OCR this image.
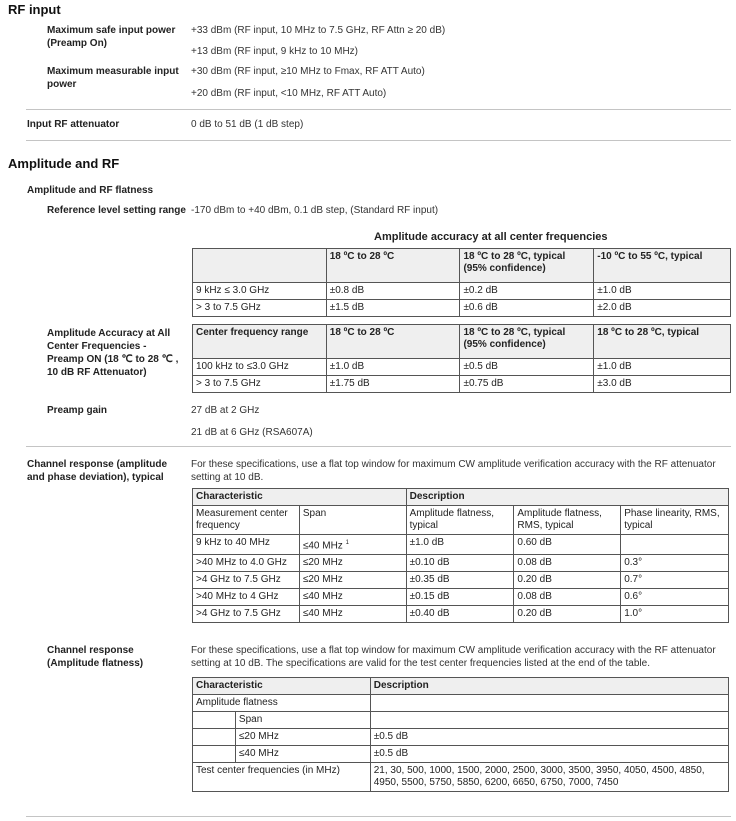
RF input
Maximum safe input power (Preamp On)
+33 dBm (RF input, 10 MHz to 7.5 GHz, RF Attn ≥ 20 dB)
+13 dBm (RF input, 9 kHz to 10 MHz)
Maximum measurable input power
+30 dBm (RF input, ≥10 MHz to Fmax, RF ATT Auto)
+20 dBm (RF input, <10 MHz, RF ATT Auto)
Input RF attenuator	0 dB to 51 dB (1 dB step)
Amplitude and RF
Amplitude and RF flatness
Reference level setting range -170 dBm to +40 dBm, 0.1 dB step, (Standard RF input)
Amplitude accuracy at all center frequencies
	18 ºC to 28 ºC	18 ºC to 28 ºC, typical (95% confidence)	-10 ºC to 55 ºC, typical
9 kHz ≤ 3.0 GHz	±0.8 dB	±0.2 dB	±1.0 dB
> 3 to 7.5 GHz	±1.5 dB	±0.6 dB	±2.0 dB
Amplitude Accuracy at All Center Frequencies - Preamp ON (18 ℃ to 28 ℃ , 10 dB RF Attenuator)
Center frequency range	18 ºC to 28 ºC	18 ºC to 28 ºC, typical (95% confidence)	18 ºC to 28 ºC, typical
100 kHz to ≤3.0 GHz	±1.0 dB	±0.5 dB	±1.0 dB
> 3 to 7.5 GHz	±1.75 dB	±0.75 dB	±3.0 dB
Preamp gain	27 dB at 2 GHz
21 dB at 6 GHz (RSA607A)
Channel response (amplitude and phase deviation), typical
For these specifications, use a flat top window for maximum CW amplitude verification accuracy with the RF attenuator setting at 10 dB.
Characteristic		Description		
Measurement center frequency	Span	Amplitude flatness, typical	Amplitude flatness, RMS, typical	Phase linearity, RMS, typical
9 kHz to 40 MHz	≤40 MHz $^1$	±1.0 dB	0.60 dB	
>40 MHz to 4.0 GHz	≤20 MHz	±0.10 dB	0.08 dB	0.3°
>4 GHz to 7.5 GHz	≤20 MHz	±0.35 dB	0.20 dB	0.7°
>40 MHz to 4 GHz	≤40 MHz	±0.15 dB	0.08 dB	0.6°
>4 GHz to 7.5 GHz	≤40 MHz	±0.40 dB	0.20 dB	1.0°
Channel response (Amplitude flatness)
For these specifications, use a flat top window for maximum CW amplitude verification accuracy with the RF attenuator setting at 10 dB. The specifications are valid for the test center frequencies listed at the end of the table.
Characteristic		Description
Amplitude flatness		
	Span	
	≤20 MHz	±0.5 dB
	≤40 MHz	±0.5 dB
Test center frequencies (in MHz)		21, 30, 500, 1000, 1500, 2000, 2500, 3000, 3500, 3950, 4050, 4500, 4850, 4950, 5500, 5750, 5850, 6200, 6650, 6750, 7000, 7450
